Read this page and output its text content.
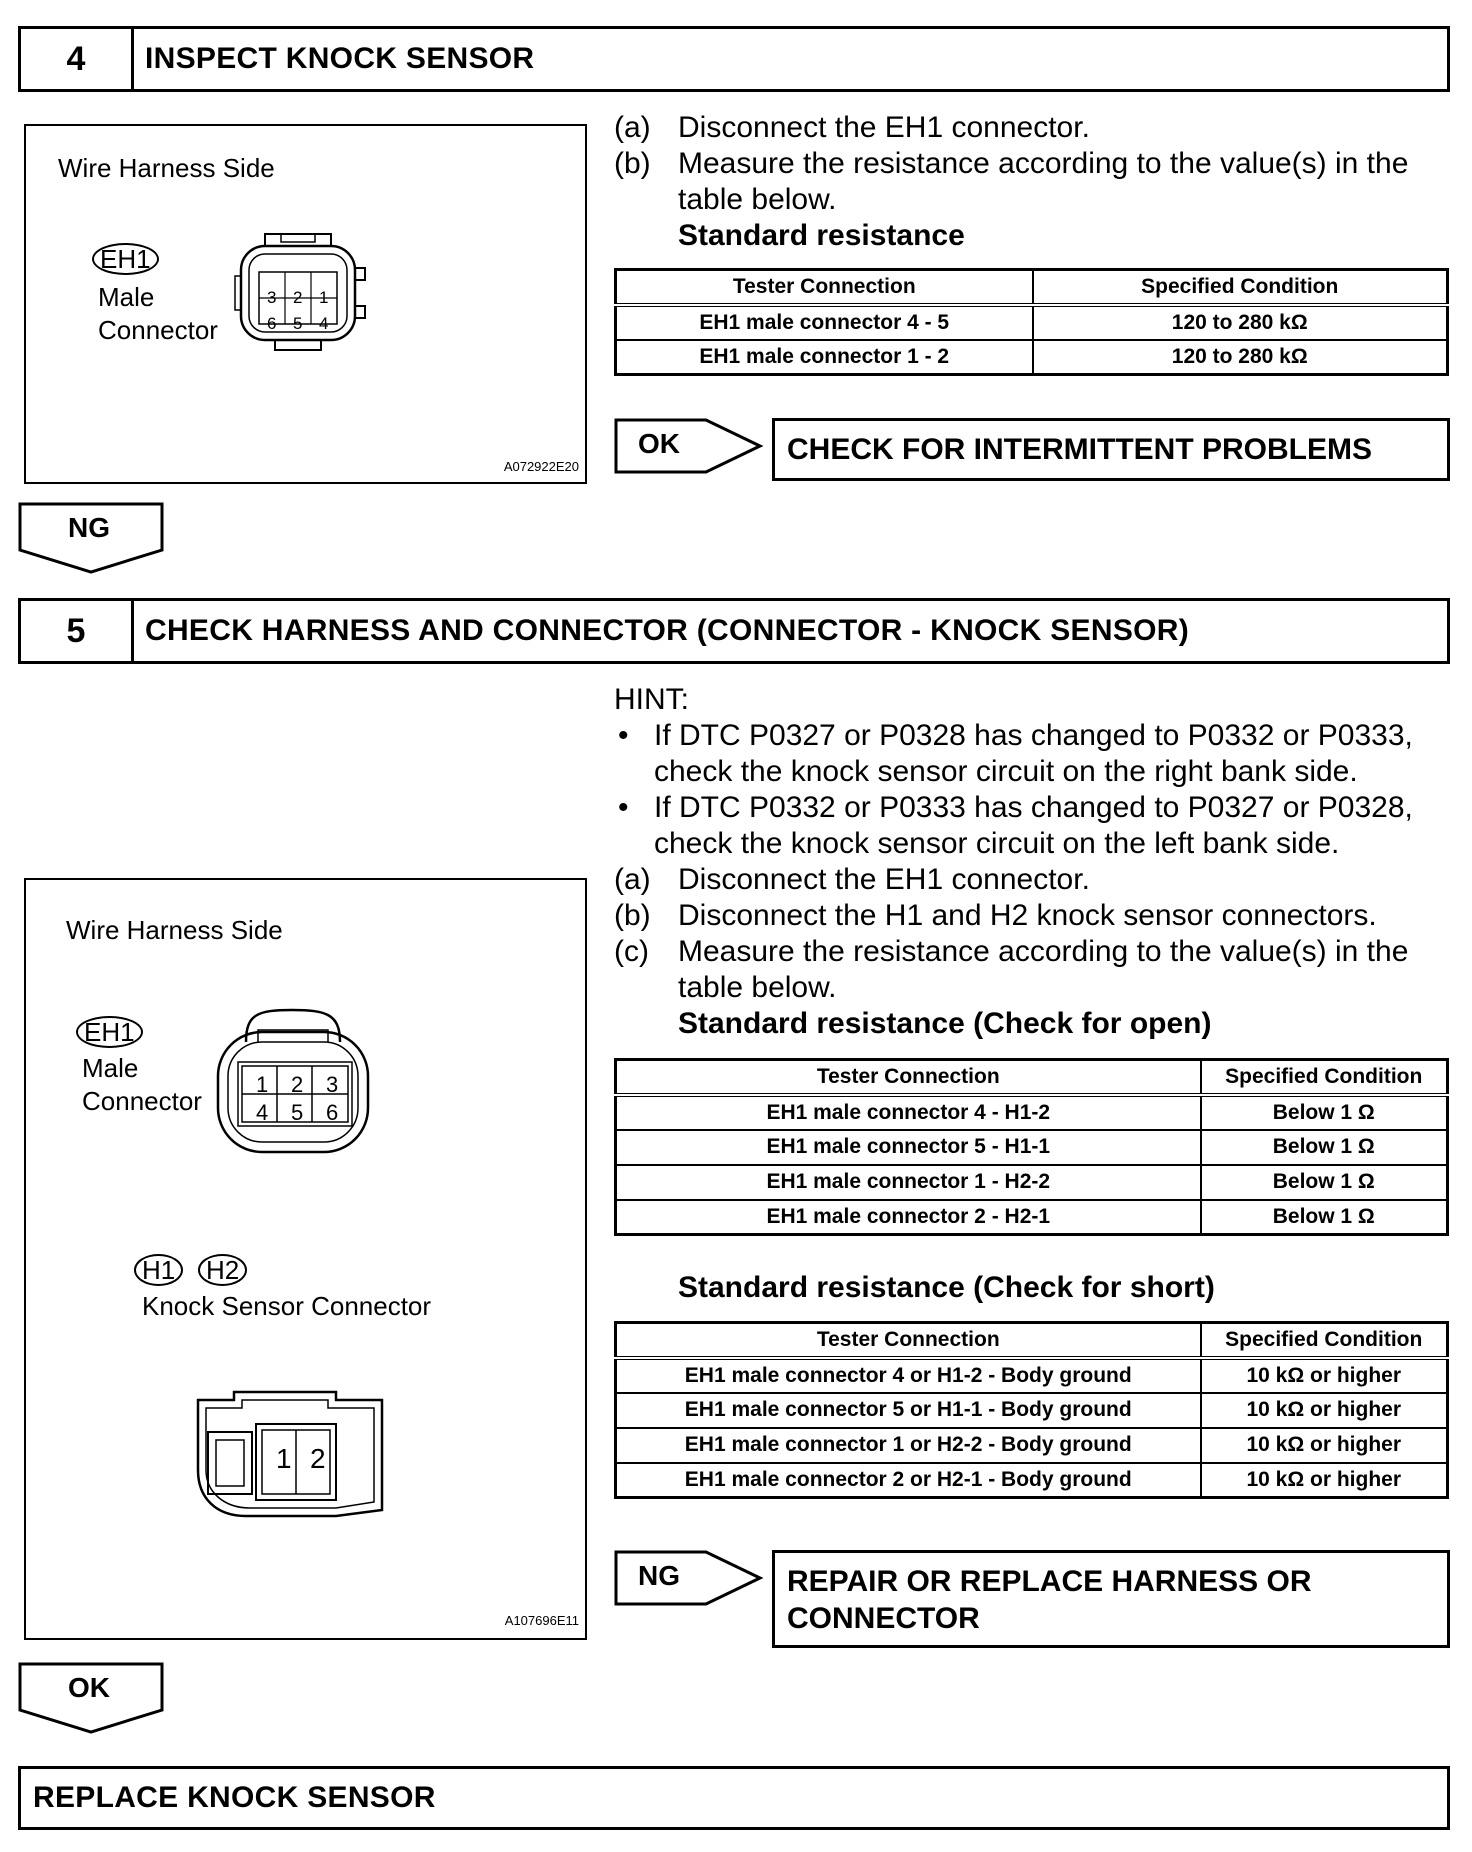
4	INSPECT KNOCK SENSOR
Wire Harness Side
EH1
Male
Connector
3 2 1
6 5 4
A072922E20
(a) Disconnect the EH1 connector.
(b) Measure the resistance according to the value(s) in the
table below.
Standard resistance
Tester Connection	Specified Condition
EH1 male connector 4 - 5	120 to 280 kΩ
EH1 male connector 1 - 2	120 to 280 kΩ
OK	CHECK FOR INTERMITTENT PROBLEMS
NG
5	CHECK HARNESS AND CONNECTOR (CONNECTOR - KNOCK SENSOR)
HINT:
• If DTC P0327 or P0328 has changed to P0332 or P0333,
check the knock sensor circuit on the right bank side.
• If DTC P0332 or P0333 has changed to P0327 or P0328,
check the knock sensor circuit on the left bank side.
(a) Disconnect the EH1 connector.
(b) Disconnect the H1 and H2 knock sensor connectors.
(c) Measure the resistance according to the value(s) in the
table below.
Standard resistance (Check for open)
Wire Harness Side
EH1
Male
Connector
1 2 3
4 5 6
H1	H2
Knock Sensor Connector
1 2
A107696E11
Tester Connection	Specified Condition
EH1 male connector 4 - H1-2	Below 1 Ω
EH1 male connector 5 - H1-1	Below 1 Ω
EH1 male connector 1 - H2-2	Below 1 Ω
EH1 male connector 2 - H2-1	Below 1 Ω
Standard resistance (Check for short)
Tester Connection	Specified Condition
EH1 male connector 4 or H1-2 - Body ground	10 kΩ or higher
EH1 male connector 5 or H1-1 - Body ground	10 kΩ or higher
EH1 male connector 1 or H2-2 - Body ground	10 kΩ or higher
EH1 male connector 2 or H2-1 - Body ground	10 kΩ or higher
NG	REPAIR OR REPLACE HARNESS OR
CONNECTOR
OK
REPLACE KNOCK SENSOR
